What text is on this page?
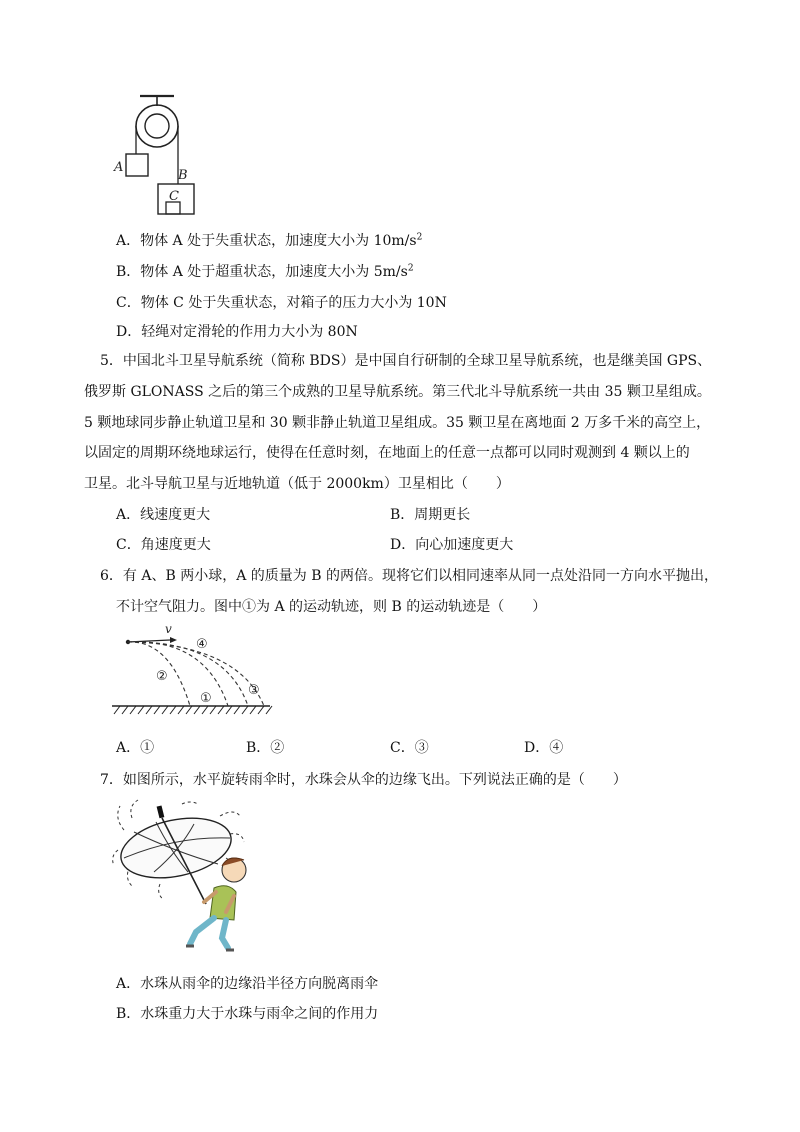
A
B
C
A．物体 A 处于失重状态，加速度大小为 $10m/s^2$
B．物体 A 处于超重状态，加速度大小为 $5m/s^2$
C．物体 C 处于失重状态，对箱子的压力大小为 10N
D．轻绳对定滑轮的作用力大小为 80N
5．中国北斗卫星导航系统（简称 BDS）是中国自行研制的全球卫星导航系统，也是继美国 GPS、
俄罗斯 GLONASS 之后的第三个成熟的卫星导航系统。第三代北斗导航系统一共由 35 颗卫星组成。
5 颗地球同步静止轨道卫星和 30 颗非静止轨道卫星组成。35 颗卫星在离地面 2 万多千米的高空上，
以固定的周期环绕地球运行，使得在任意时刻，在地面上的任意一点都可以同时观测到 4 颗以上的
卫星。北斗导航卫星与近地轨道（低于 2000km）卫星相比（　　）
A．线速度更大	B．周期更长
C．角速度更大	D．向心加速度更大
6．有 A、B 两小球，A 的质量为 B 的两倍。现将它们以相同速率从同一点处沿同一方向水平抛出，
不计空气阻力。图中①为 A 的运动轨迹，则 B 的运动轨迹是（　　）
v
②
①
③
④
A．①	B．②	C．③	D．④
7．如图所示，水平旋转雨伞时，水珠会从伞的边缘飞出。下列说法正确的是（　　）
A．水珠从雨伞的边缘沿半径方向脱离雨伞
B．水珠重力大于水珠与雨伞之间的作用力
